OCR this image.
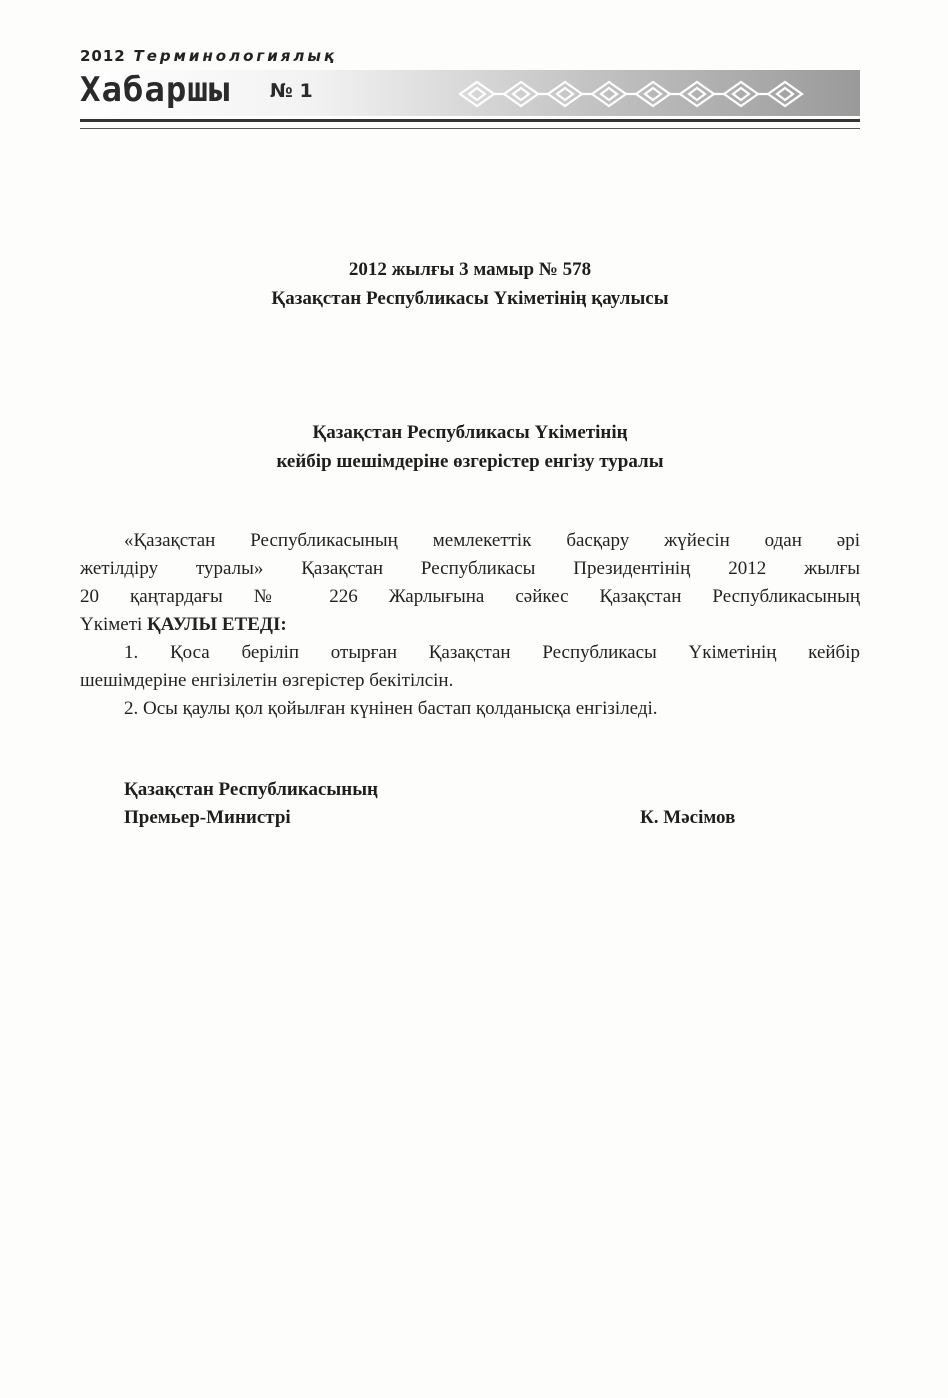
2012 Терминологиялық
Хабаршы № 1
2012 жылғы 3 мамыр № 578
Қазақстан Республикасы Үкіметінің қаулысы
Қазақстан Республикасы Үкіметінің
кейбір шешімдеріне өзгерістер енгізу туралы
«Қазақстан Республикасының мемлекеттік басқару жүйесін одан әрі
жетілдіру туралы» Қазақстан Республикасы Президентінің 2012 жылғы
20 қаңтардағы № 226 Жарлығына сәйкес Қазақстан Республикасының
Үкіметі ҚАУЛЫ ЕТЕДІ:
1. Қоса беріліп отырған Қазақстан Республикасы Үкіметінің кейбір
шешімдеріне енгізілетін өзгерістер бекітілсін.
2. Осы қаулы қол қойылған күнінен бастап қолданысқа енгізіледі.
Қазақстан Республикасының
Премьер-Министрі	К. Мәсімов
